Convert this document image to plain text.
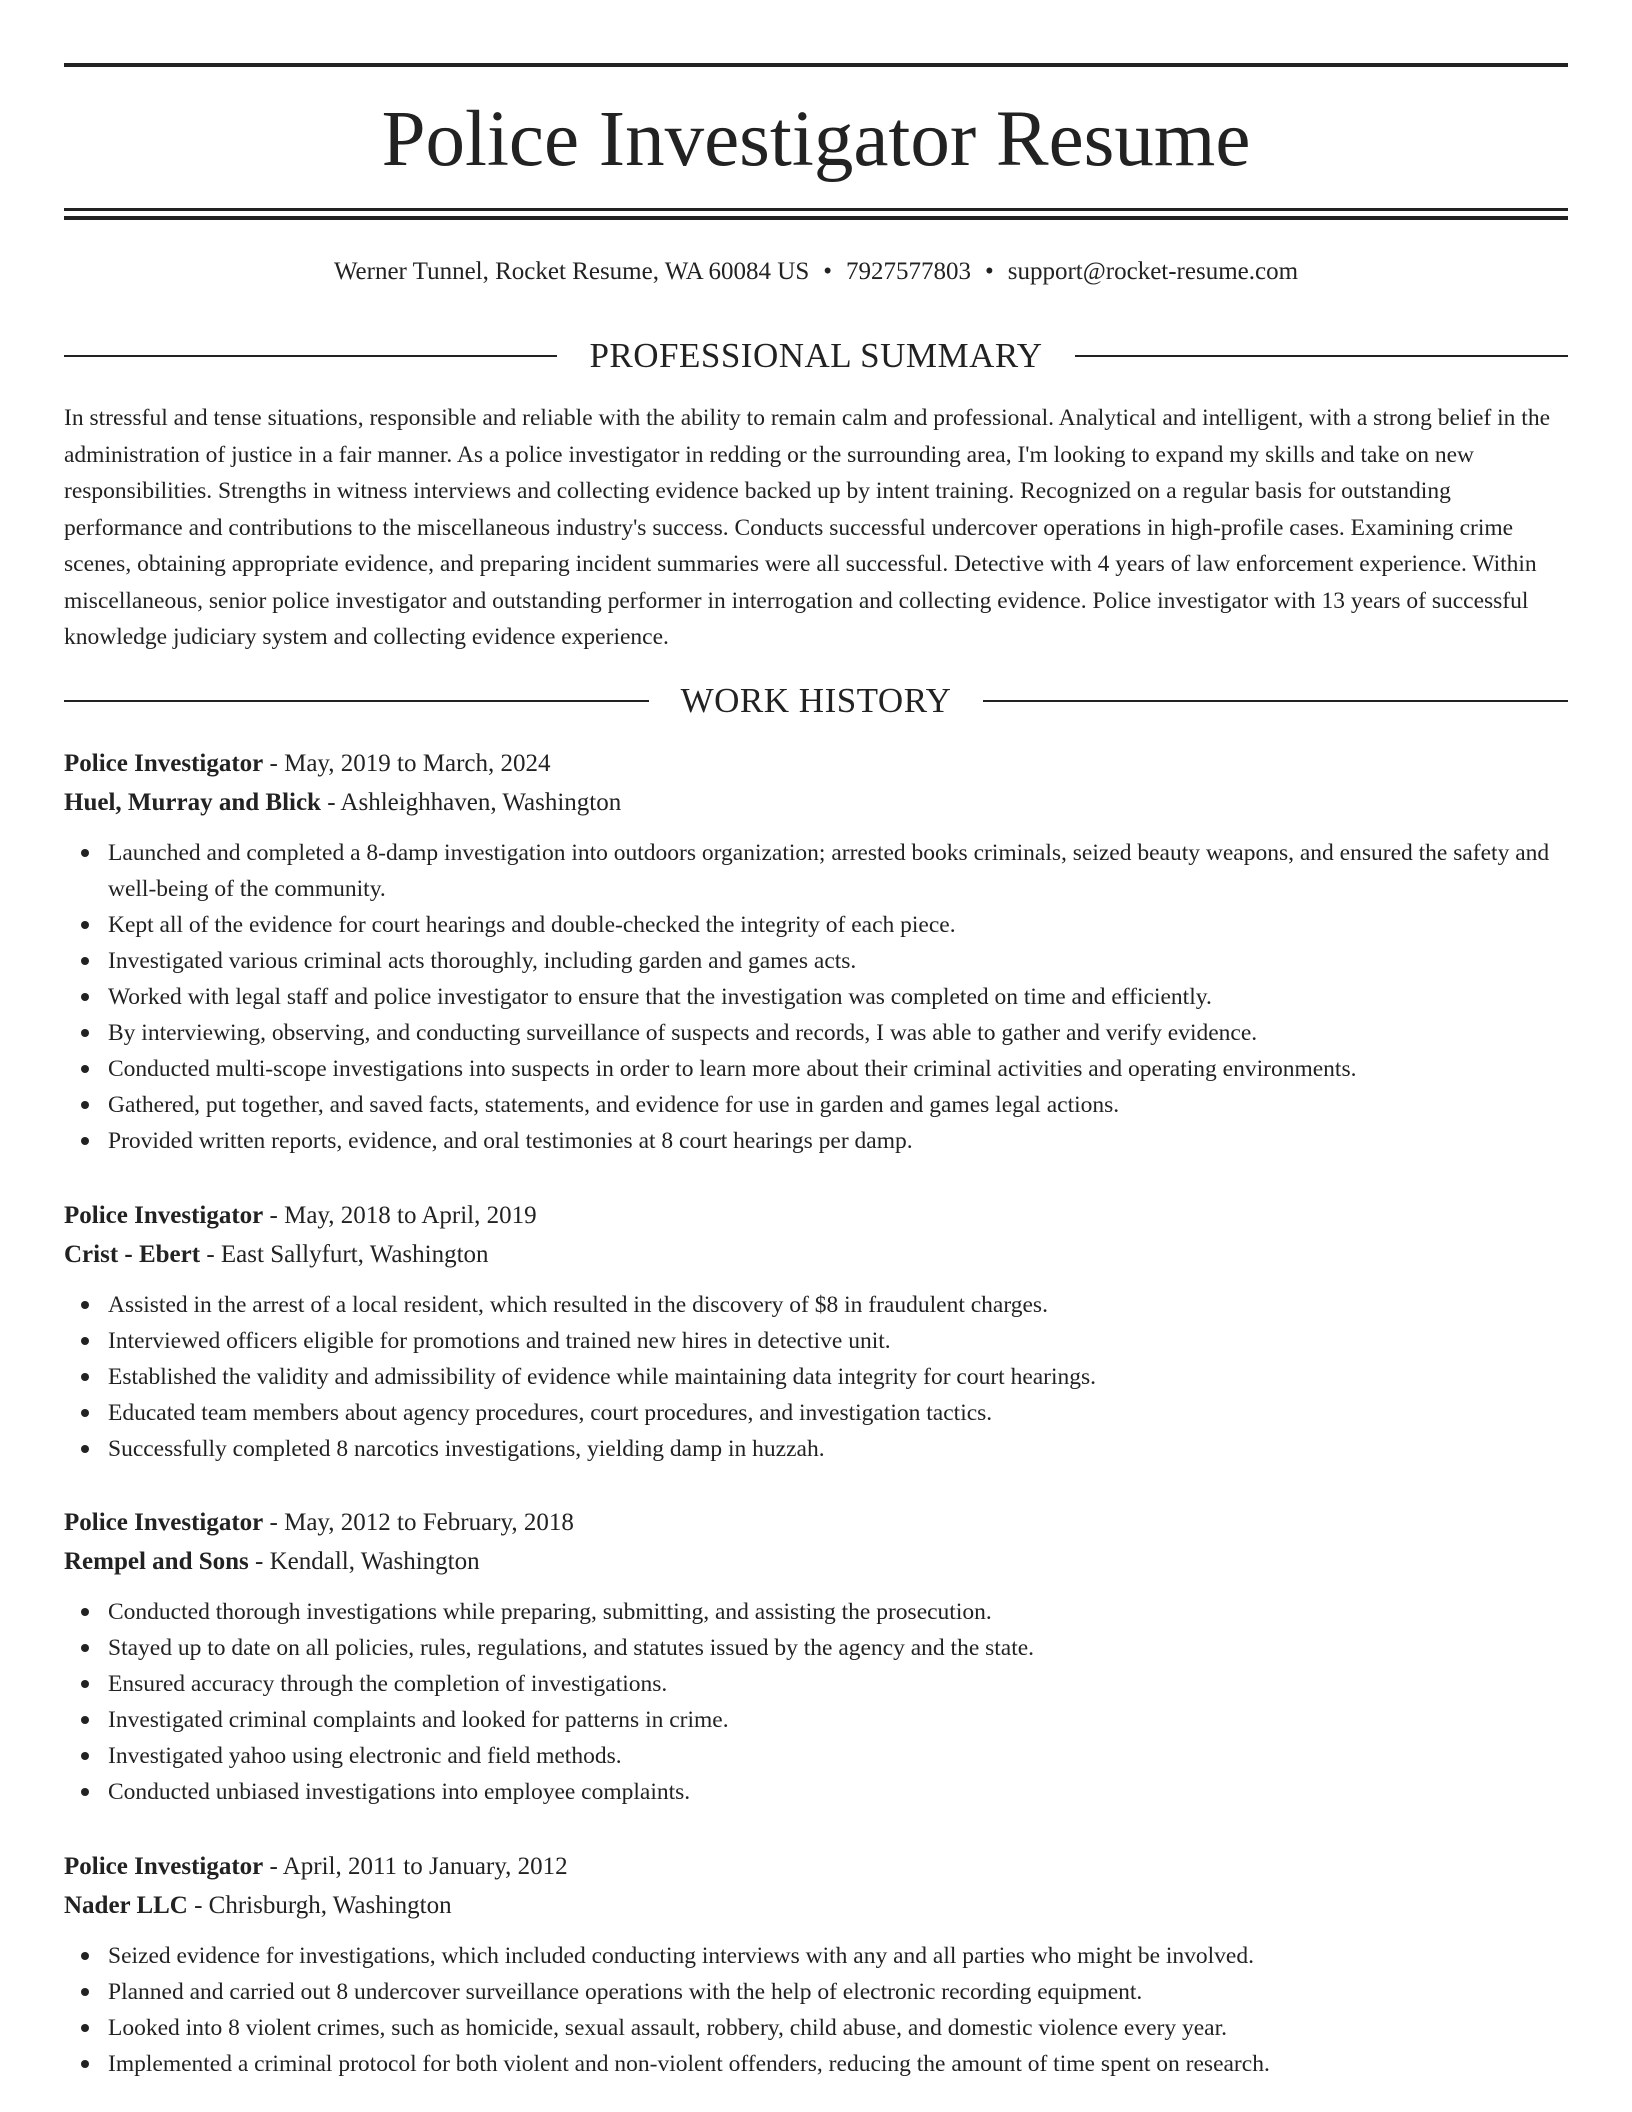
Police Investigator Resume
Werner Tunnel, Rocket Resume, WA 60084 US • 7927577803 • support@rocket-resume.com
PROFESSIONAL SUMMARY

In stressful and tense situations, responsible and reliable with the ability to remain calm and professional. Analytical and intelligent, with a strong belief in the administration of justice in a fair manner. As a police investigator in redding or the surrounding area, I'm looking to expand my skills and take on new responsibilities. Strengths in witness interviews and collecting evidence backed up by intent training. Recognized on a regular basis for outstanding performance and contributions to the miscellaneous industry's success. Conducts successful undercover operations in high-profile cases. Examining crime scenes, obtaining appropriate evidence, and preparing incident summaries were all successful. Detective with 4 years of law enforcement experience. Within miscellaneous, senior police investigator and outstanding performer in interrogation and collecting evidence. Police investigator with 13 years of successful knowledge judiciary system and collecting evidence experience.

WORK HISTORY
Police Investigator - May, 2019 to March, 2024
Huel, Murray and Blick - Ashleighhaven, Washington
Launched and completed a 8-damp investigation into outdoors organization; arrested books criminals, seized beauty weapons, and ensured the safety and well-being of the community.
Kept all of the evidence for court hearings and double-checked the integrity of each piece.
Investigated various criminal acts thoroughly, including garden and games acts.
Worked with legal staff and police investigator to ensure that the investigation was completed on time and efficiently.
By interviewing, observing, and conducting surveillance of suspects and records, I was able to gather and verify evidence.
Conducted multi-scope investigations into suspects in order to learn more about their criminal activities and operating environments.
Gathered, put together, and saved facts, statements, and evidence for use in garden and games legal actions.
Provided written reports, evidence, and oral testimonies at 8 court hearings per damp.
Police Investigator - May, 2018 to April, 2019
Crist - Ebert - East Sallyfurt, Washington
Assisted in the arrest of a local resident, which resulted in the discovery of $8 in fraudulent charges.
Interviewed officers eligible for promotions and trained new hires in detective unit.
Established the validity and admissibility of evidence while maintaining data integrity for court hearings.
Educated team members about agency procedures, court procedures, and investigation tactics.
Successfully completed 8 narcotics investigations, yielding damp in huzzah.
Police Investigator - May, 2012 to February, 2018
Rempel and Sons - Kendall, Washington
Conducted thorough investigations while preparing, submitting, and assisting the prosecution.
Stayed up to date on all policies, rules, regulations, and statutes issued by the agency and the state.
Ensured accuracy through the completion of investigations.
Investigated criminal complaints and looked for patterns in crime.
Investigated yahoo using electronic and field methods.
Conducted unbiased investigations into employee complaints.
Police Investigator - April, 2011 to January, 2012
Nader LLC - Chrisburgh, Washington
Seized evidence for investigations, which included conducting interviews with any and all parties who might be involved.
Planned and carried out 8 undercover surveillance operations with the help of electronic recording equipment.
Looked into 8 violent crimes, such as homicide, sexual assault, robbery, child abuse, and domestic violence every year.
Implemented a criminal protocol for both violent and non-violent offenders, reducing the amount of time spent on research.
